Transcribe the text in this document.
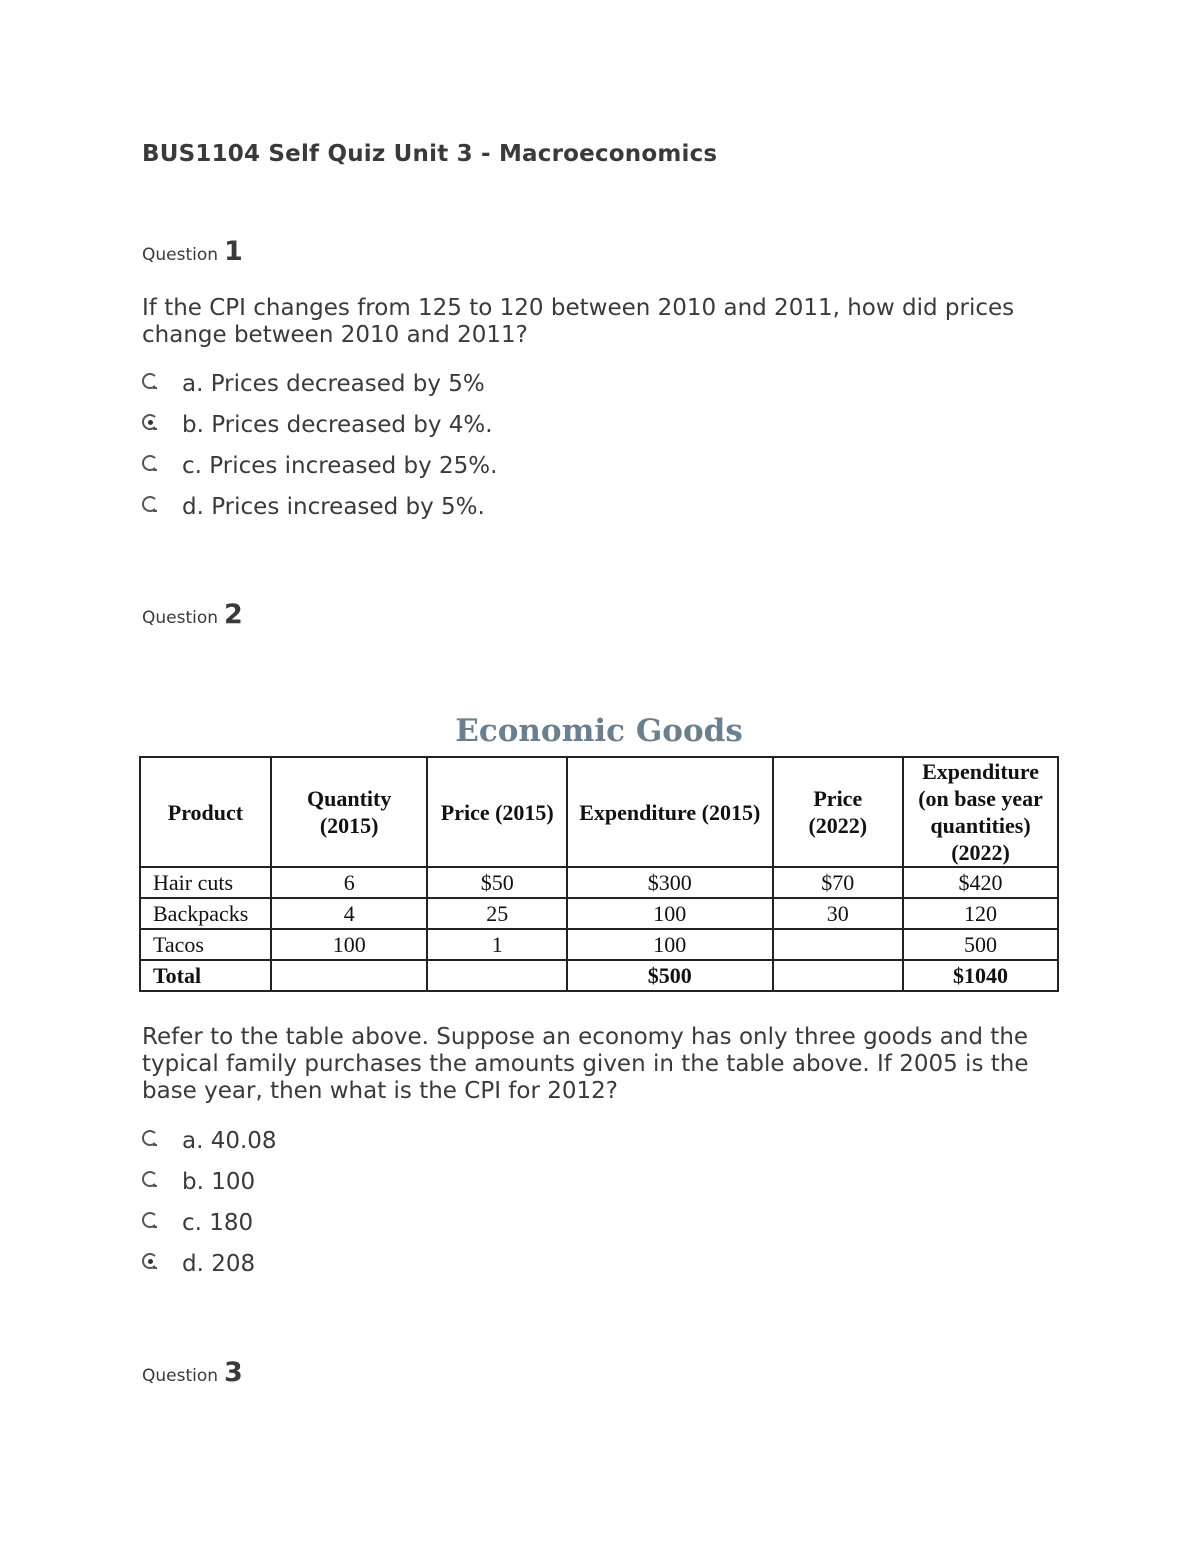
BUS1104 Self Quiz Unit 3 - Macroeconomics
Question 1
If the CPI changes from 125 to 120 between 2010 and 2011, how did prices change between 2010 and 2011?
a. Prices decreased by 5%
b. Prices decreased by 4%.
c. Prices increased by 25%.
d. Prices increased by 5%.
Question 2
Economic Goods
Product	Quantity (2015)	Price (2015)	Expenditure (2015)	Price (2022)	Expenditure (on base year quantities) (2022)
Hair cuts	6	$50	$300	$70	$420
Backpacks	4	25	100	30	120
Tacos	100	1	100		500
Total			$500		$1040
Refer to the table above. Suppose an economy has only three goods and the typical family purchases the amounts given in the table above. If 2005 is the base year, then what is the CPI for 2012?
a. 40.08
b. 100
c. 180
d. 208
Question 3
